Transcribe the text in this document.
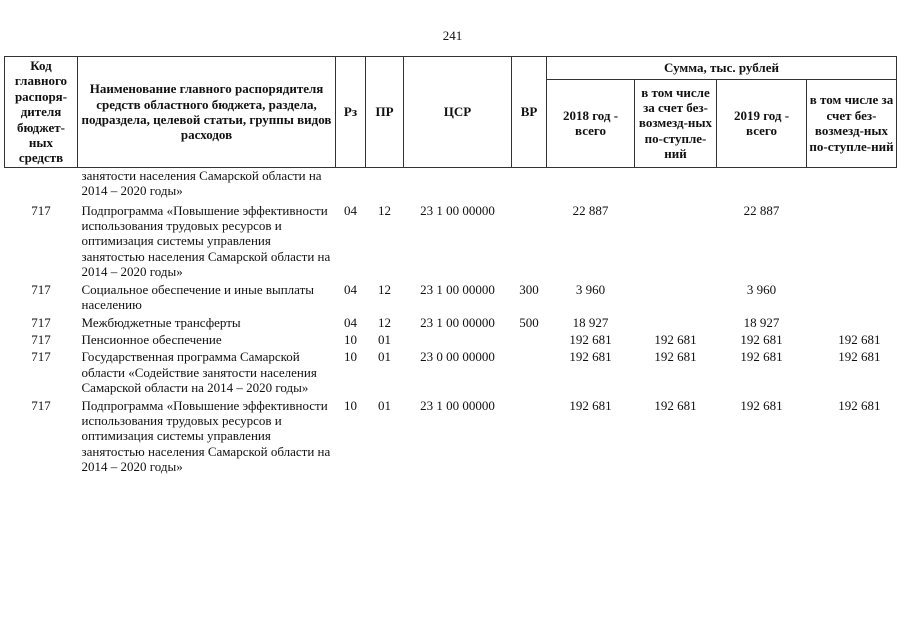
241
Код главного распоря-дителя бюджет-ных средств	Наименование главного распорядителя средств областного бюджета, раздела, подраздела, целевой статьи, группы видов расходов	Рз	ПР	ЦСР	ВР	Сумма, тыс. рублей			
						2018 год - всего	в том числе за счет без-возмезд-ных по-ступле-ний	2019 год - всего	в том числе за счет без-возмезд-ных по-ступле-ний
	занятости населения Самарской области на 2014 – 2020 годы»								
717	Подпрограмма «Повышение эффективности использования трудовых ресурсов и оптимизация системы управления занятостью населения Самарской области на 2014 – 2020 годы»	04	12	23 1 00 00000		22 887		22 887	
717	Социальное обеспечение и иные выплаты населению	04	12	23 1 00 00000	300	3 960		3 960	
717	Межбюджетные трансферты	04	12	23 1 00 00000	500	18 927		18 927	
717	Пенсионное обеспечение	10	01			192 681	192 681	192 681	192 681
717	Государственная программа Самарской области «Содействие занятости населения Самарской области на 2014 – 2020 годы»	10	01	23 0 00 00000		192 681	192 681	192 681	192 681
717	Подпрограмма «Повышение эффективности использования трудовых ресурсов и оптимизация системы управления занятостью населения Самарской области на 2014 – 2020 годы»	10	01	23 1 00 00000		192 681	192 681	192 681	192 681
